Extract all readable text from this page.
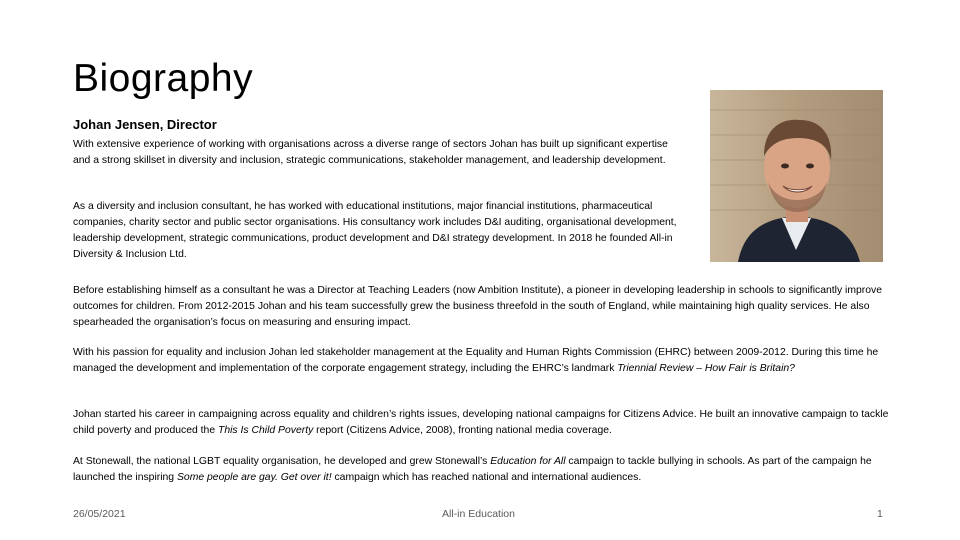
Biography
Johan Jensen, Director
With extensive experience of working with organisations across a diverse range of sectors Johan has built up significant expertise and a strong skillset in diversity and inclusion, strategic communications, stakeholder management, and leadership development.
As a diversity and inclusion consultant, he has worked with educational institutions, major financial institutions, pharmaceutical companies, charity sector and public sector organisations. His consultancy work includes D&I auditing, organisational development, leadership development, strategic communications, product development and D&I strategy development. In 2018 he founded All-in Diversity & Inclusion Ltd.
Before establishing himself as a consultant he was a Director at Teaching Leaders (now Ambition Institute), a pioneer in developing leadership in schools to significantly improve outcomes for children. From 2012-2015 Johan and his team successfully grew the business threefold in the south of England, while maintaining high quality services. He also spearheaded the organisation’s focus on measuring and ensuring impact.
With his passion for equality and inclusion Johan led stakeholder management at the Equality and Human Rights Commission (EHRC) between 2009-2012. During this time he managed the development and implementation of the corporate engagement strategy, including the EHRC’s landmark Triennial Review – How Fair is Britain?
Johan started his career in campaigning across equality and children’s rights issues, developing national campaigns for Citizens Advice. He built an innovative campaign to tackle child poverty and produced the This Is Child Poverty report (Citizens Advice, 2008), fronting national media coverage.
At Stonewall, the national LGBT equality organisation, he developed and grew Stonewall’s Education for All campaign to tackle bullying in schools. As part of the campaign he launched the inspiring Some people are gay. Get over it! campaign which has reached national and international audiences.
26/05/2021	All-in Education	1
